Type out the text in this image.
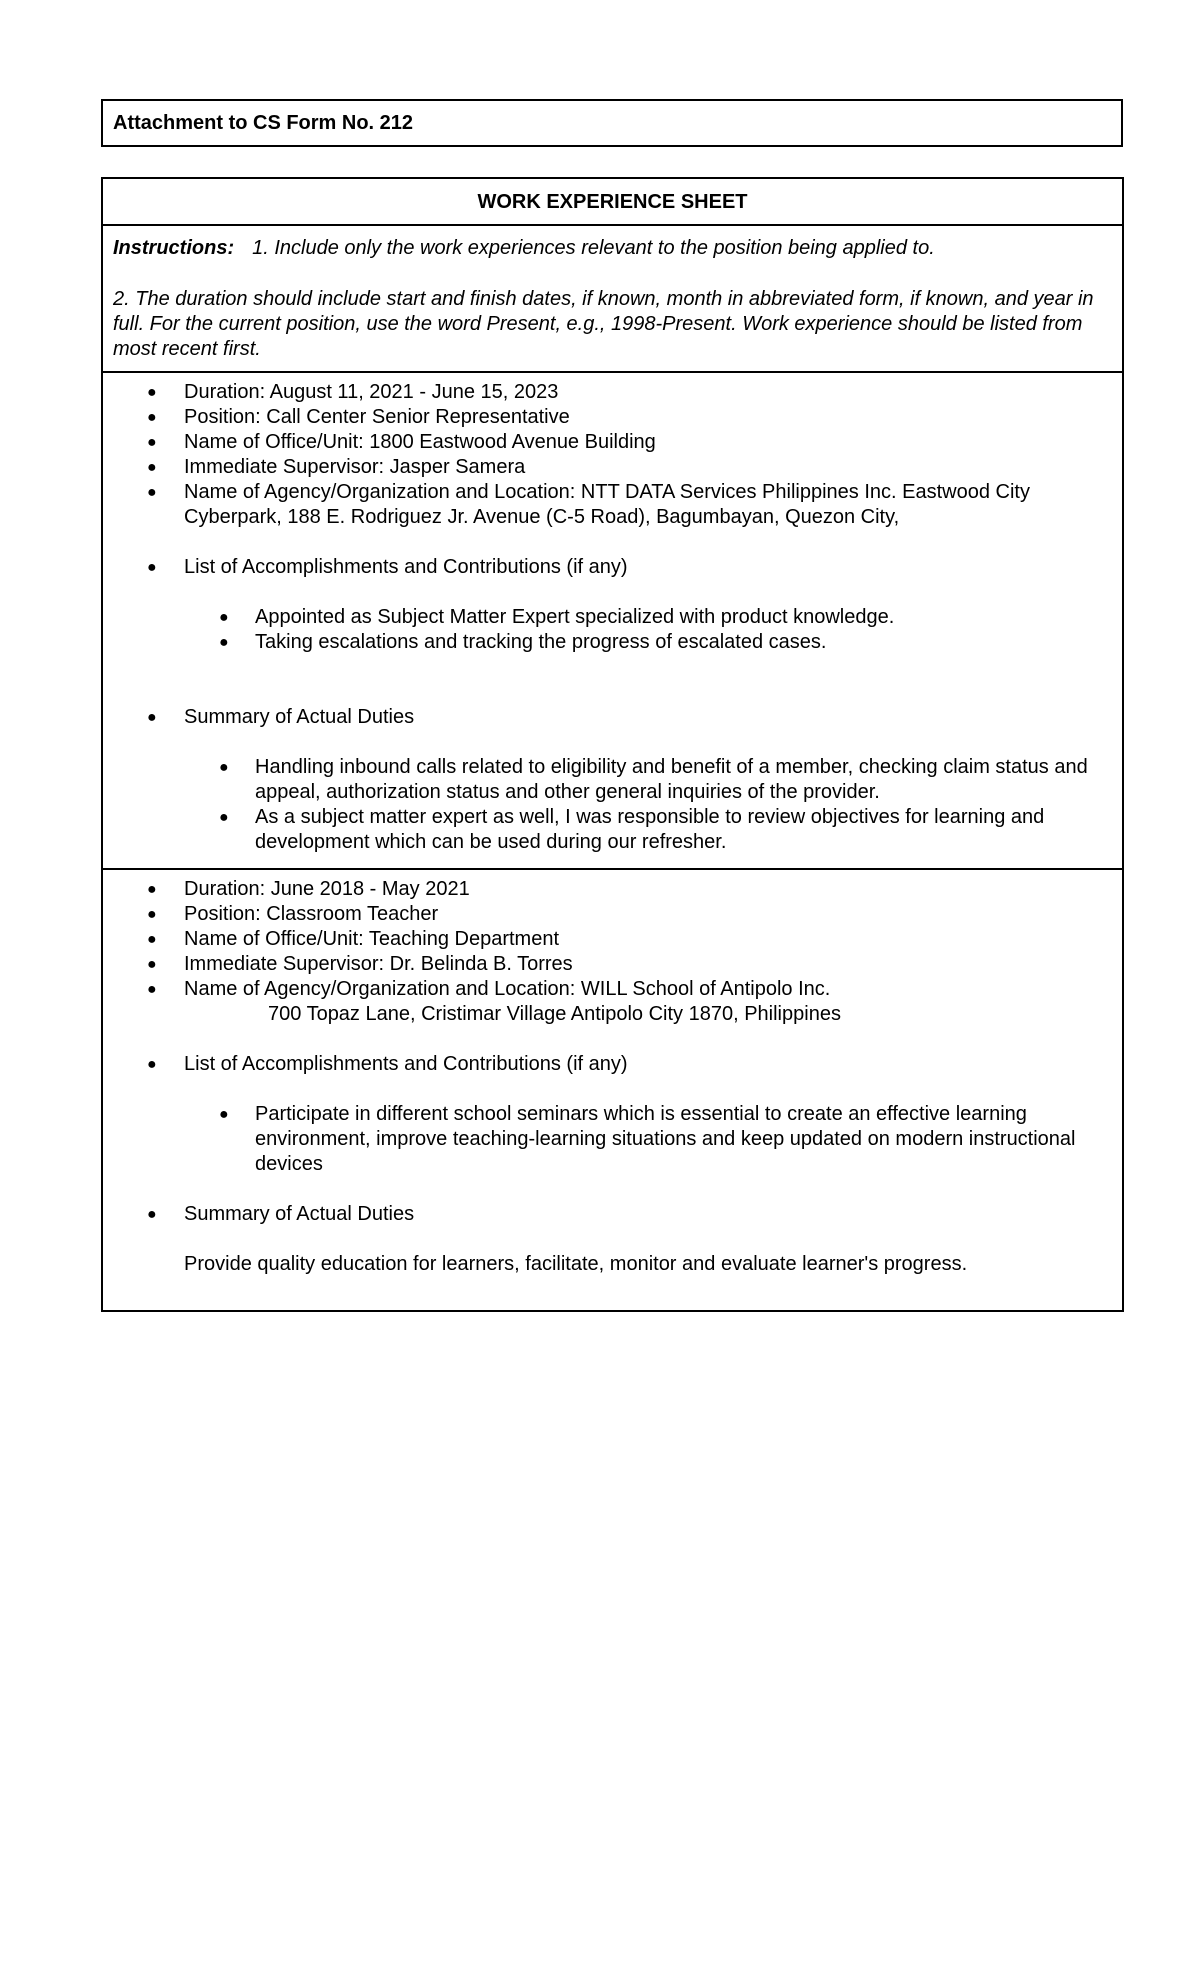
Attachment to CS Form No. 212
WORK EXPERIENCE SHEET
Instructions: 1. Include only the work experiences relevant to the position being applied to.
2. The duration should include start and finish dates, if known, month in abbreviated form, if known, and year in full. For the current position, use the word Present, e.g., 1998-Present. Work experience should be listed from most recent first.
● Duration: August 11, 2021 - June 15, 2023
● Position: Call Center Senior Representative
● Name of Office/Unit: 1800 Eastwood Avenue Building
● Immediate Supervisor: Jasper Samera
● Name of Agency/Organization and Location: NTT DATA Services Philippines Inc. Eastwood City
Cyberpark, 188 E. Rodriguez Jr. Avenue (C-5 Road), Bagumbayan, Quezon City,
● List of Accomplishments and Contributions (if any)
● Appointed as Subject Matter Expert specialized with product knowledge.
● Taking escalations and tracking the progress of escalated cases.
● Summary of Actual Duties
● Handling inbound calls related to eligibility and benefit of a member, checking claim status and appeal, authorization status and other general inquiries of the provider.
● As a subject matter expert as well, I was responsible to review objectives for learning and development which can be used during our refresher.
● Duration: June 2018 - May 2021
● Position: Classroom Teacher
● Name of Office/Unit: Teaching Department
● Immediate Supervisor: Dr. Belinda B. Torres
● Name of Agency/Organization and Location: WILL School of Antipolo Inc.
700 Topaz Lane, Cristimar Village Antipolo City 1870, Philippines
● List of Accomplishments and Contributions (if any)
● Participate in different school seminars which is essential to create an effective learning environment, improve teaching-learning situations and keep updated on modern instructional devices
● Summary of Actual Duties
Provide quality education for learners, facilitate, monitor and evaluate learner's progress.
